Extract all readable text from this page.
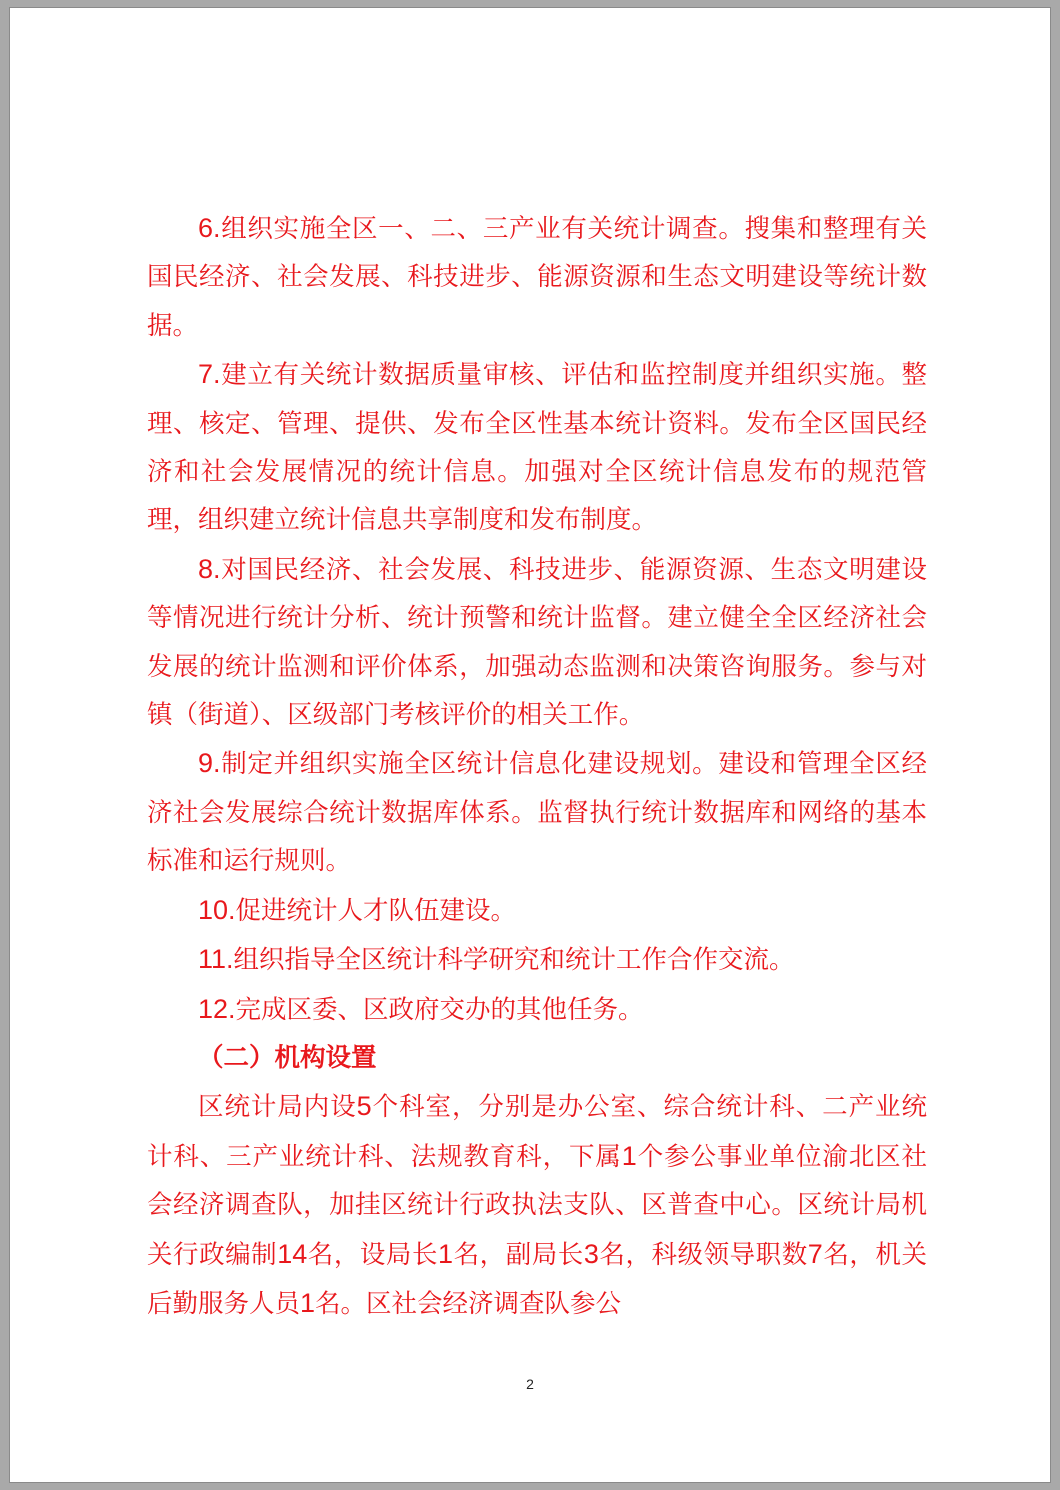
6.组织实施全区一、二、三产业有关统计调查。搜集和整理有关国民经济、社会发展、科技进步、能源资源和生态文明建设等统计数据。

7.建立有关统计数据质量审核、评估和监控制度并组织实施。整理、核定、管理、提供、发布全区性基本统计资料。发布全区国民经济和社会发展情况的统计信息。加强对全区统计信息发布的规范管理，组织建立统计信息共享制度和发布制度。

8.对国民经济、社会发展、科技进步、能源资源、生态文明建设等情况进行统计分析、统计预警和统计监督。建立健全全区经济社会发展的统计监测和评价体系，加强动态监测和决策咨询服务。参与对镇（街道）、区级部门考核评价的相关工作。

9.制定并组织实施全区统计信息化建设规划。建设和管理全区经济社会发展综合统计数据库体系。监督执行统计数据库和网络的基本标准和运行规则。

10.促进统计人才队伍建设。

11.组织指导全区统计科学研究和统计工作合作交流。

12.完成区委、区政府交办的其他任务。

（二）机构设置

区统计局内设5个科室，分别是办公室、综合统计科、二产业统计科、三产业统计科、法规教育科，下属1个参公事业单位渝北区社会经济调查队，加挂区统计行政执法支队、区普查中心。区统计局机关行政编制14名，设局长1名，副局长3名，科级领导职数7名，机关后勤服务人员1名。区社会经济调查队参公

2
